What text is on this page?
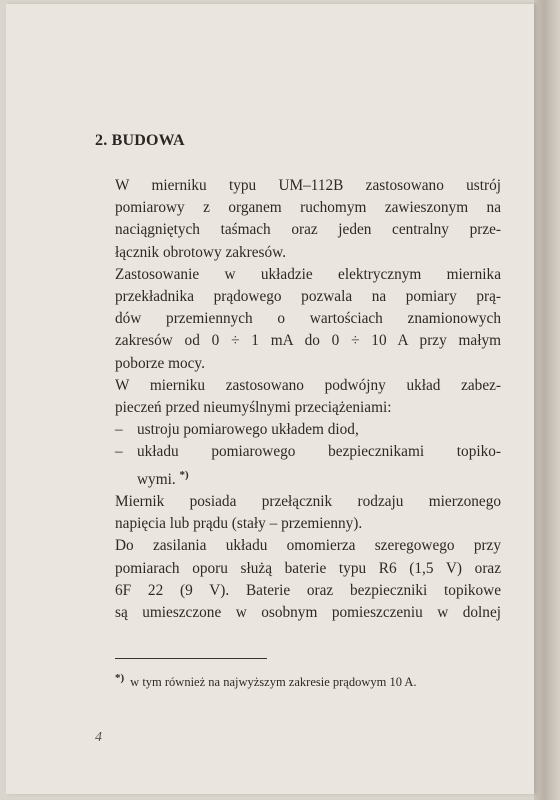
2. BUDOWA

W mierniku typu UM–112B zastosowano ustrój
pomiarowy z organem ruchomym zawieszonym na
naciągniętych taśmach oraz jeden centralny prze-
łącznik obrotowy zakresów.

Zastosowanie w układzie elektrycznym miernika
przekładnika prądowego pozwala na pomiary prą-
dów przemiennych o wartościach znamionowych
zakresów od 0 ÷ 1 mA do 0 ÷ 10 A przy małym
poborze mocy.

W mierniku zastosowano podwójny układ zabez-
pieczeń przed nieumyślnymi przeciążeniami:

– ustroju pomiarowego układem diod,
– układu pomiarowego bezpiecznikami topiko-
wymi. *)

Miernik posiada przełącznik rodzaju mierzonego
napięcia lub prądu (stały – przemienny).

Do zasilania układu omomierza szeregowego przy
pomiarach oporu służą baterie typu R6 (1,5 V) oraz
6F 22 (9 V). Baterie oraz bezpieczniki topikowe
są umieszczone w osobnym pomieszczeniu w dolnej

*) w tym również na najwyższym zakresie prądowym 10 A.
4
